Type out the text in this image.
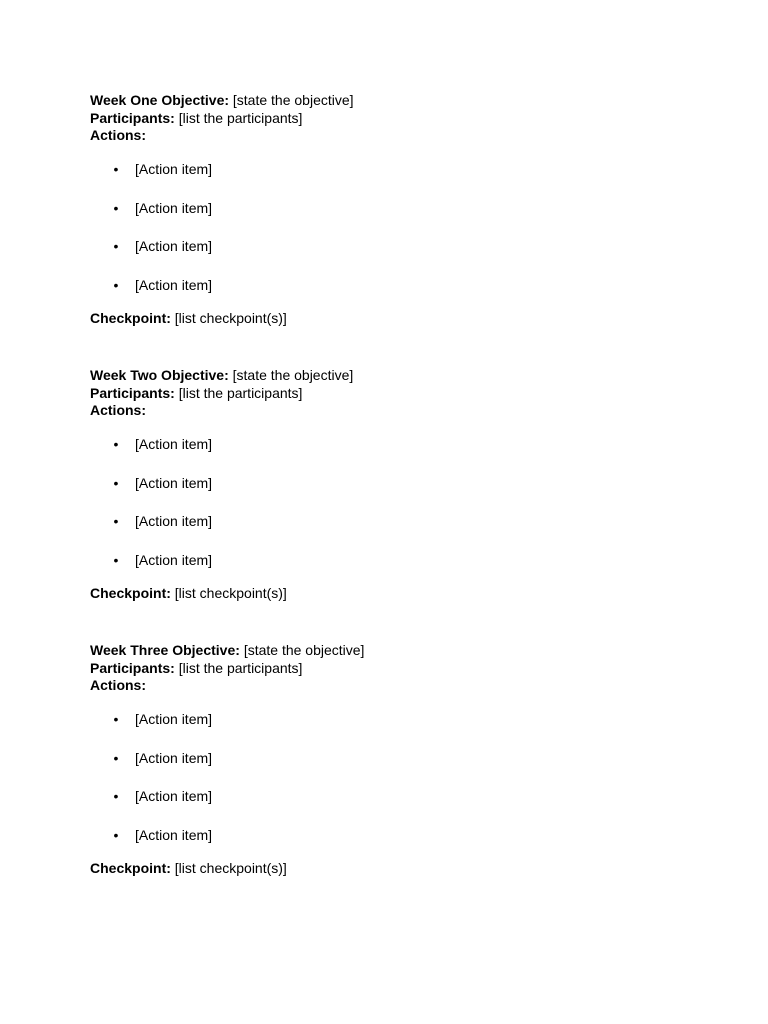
Week One Objective: [state the objective]
Participants: [list the participants]
Actions:
• [Action item]
• [Action item]
• [Action item]
• [Action item]
Checkpoint: [list checkpoint(s)]
Week Two Objective: [state the objective]
Participants: [list the participants]
Actions:
• [Action item]
• [Action item]
• [Action item]
• [Action item]
Checkpoint: [list checkpoint(s)]
Week Three Objective: [state the objective]
Participants: [list the participants]
Actions:
• [Action item]
• [Action item]
• [Action item]
• [Action item]
Checkpoint: [list checkpoint(s)]
